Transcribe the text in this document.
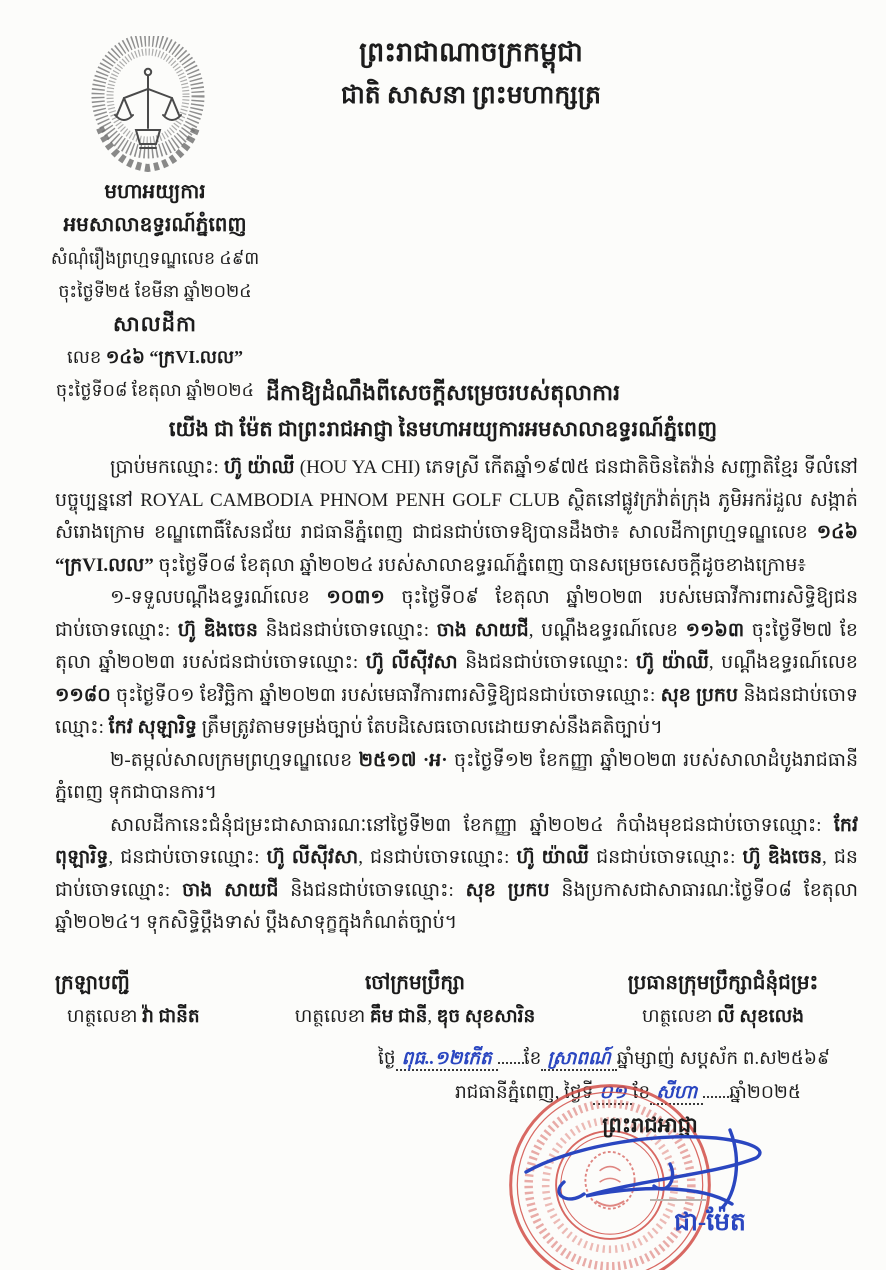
ព្រះរាជាណាចក្រកម្ពុជា
ជាតិ សាសនា ព្រះមហាក្សត្រ
មហាអយ្យការ
អមសាលាឧទ្ធរណ៍ភ្នំពេញ
សំណុំរឿងព្រហ្មទណ្ឌលេខ ៤៩៣
ចុះថ្ងៃទី២៥ ខែមីនា ឆ្នាំ២០២៤
សាលដីកា
លេខ ១៤៦ “ក្រVI.លល”
ចុះថ្ងៃទី០៨ ខែតុលា ឆ្នាំ២០២៤ ដីកាឱ្យដំណឹងពីសេចក្តីសម្រេចរបស់តុលាការ
យើង ជា ម៉ែត ជាព្រះរាជអាជ្ញា នៃមហាអយ្យការអមសាលាឧទ្ធរណ៍ភ្នំពេញ

ប្រាប់មកឈ្មោះ: ហ៊ូ យ៉ាឈី (HOU YA CHI) ភេទស្រី កើតឆ្នាំ១៩៧៥ ជនជាតិចិនតៃវ៉ាន់ សញ្ជាតិខ្មែរ ទីលំនៅបច្ចុប្បន្ននៅ ROYAL CAMBODIA PHNOM PENH GOLF CLUB ស្ថិតនៅផ្លូវក្រវ៉ាត់ក្រុង ភូមិអករ៉ដួល សង្កាត់សំរោងក្រោម ខណ្ឌពោធិ៍សែនជ័យ រាជធានីភ្នំពេញ ជាជនជាប់ចោទឱ្យបានដឹងថា៖ សាលដីកាព្រហ្មទណ្ឌលេខ ១៤៦ “ក្រVI.លល” ចុះថ្ងៃទី០៨ ខែតុលា ឆ្នាំ២០២៤ របស់សាលាឧទ្ធរណ៍ភ្នំពេញ បានសម្រេចសេចក្តីដូចខាងក្រោម៖

១-ទទួលបណ្តឹងឧទ្ធរណ៍លេខ ១០៣១ ចុះថ្ងៃទី០៩ ខែតុលា ឆ្នាំ២០២៣ របស់មេធាវីការពារសិទ្ធិឱ្យជនជាប់ចោទឈ្មោះ: ហ៊ូ ឌិងចេន និងជនជាប់ចោទឈ្មោះ: ចាង សាយជី, បណ្តឹងឧទ្ធរណ៍លេខ ១១៦៣ ចុះថ្ងៃទី២៧ ខែតុលា ឆ្នាំ២០២៣ របស់ជនជាប់ចោទឈ្មោះ: ហ៊ូ លីស៊ីវសា និងជនជាប់ចោទឈ្មោះ: ហ៊ូ យ៉ាឈី, បណ្តឹងឧទ្ធរណ៍លេខ ១១៨០ ចុះថ្ងៃទី០១ ខែវិច្ឆិកា ឆ្នាំ២០២៣ របស់មេធាវីការពារសិទ្ធិឱ្យជនជាប់ចោទឈ្មោះ: សុខ ប្រកប និងជនជាប់ចោទឈ្មោះ: កែវ សុឡារិទ្ធ ត្រឹមត្រូវតាមទម្រង់ច្បាប់ តែបដិសេធចោលដោយទាស់នឹងគតិច្បាប់។

២-តម្កល់សាលក្រមព្រហ្មទណ្ឌលេខ ២៥១៧ ·អ· ចុះថ្ងៃទី១២ ខែកញ្ញា ឆ្នាំ២០២៣ របស់សាលាដំបូងរាជធានីភ្នំពេញ ទុកជាបានការ។

សាលដីកានេះជំនុំជម្រះជាសាធារណៈនៅថ្ងៃទី២៣ ខែកញ្ញា ឆ្នាំ២០២៤ កំបាំងមុខជនជាប់ចោទឈ្មោះ: កែវ ពុឡារិទ្ធ, ជនជាប់ចោទឈ្មោះ: ហ៊ូ លីស៊ីវសា, ជនជាប់ចោទឈ្មោះ: ហ៊ូ យ៉ាឈី ជនជាប់ចោទឈ្មោះ: ហ៊ូ ឌិងចេន, ជនជាប់ចោទឈ្មោះ: ចាង សាយជី និងជនជាប់ចោទឈ្មោះ: សុខ ប្រកប និងប្រកាសជាសាធារណៈថ្ងៃទី០៨ ខែតុលា ឆ្នាំ២០២៤។ ទុកសិទ្ធិប្តឹងទាស់ ប្តឹងសាទុក្ខក្នុងកំណត់ច្បាប់។

ក្រឡាបញ្ជី
ហត្ថលេខា វ៉ា ជានីត
ចៅក្រមប្រឹក្សា
ហត្ថលេខា គឹម ជានី, ឌុច សុខសារិន
ប្រធានក្រុមប្រឹក្សាជំនុំជម្រះ
ហត្ថលេខា លី សុខលេង
ថ្ងៃ ពុធ..១២កើត ខែ ស្រាពណ៍ ឆ្នាំម្សាញ់ សប្តស័ក ព.ស២៥៦៩
រាជធានីភ្នំពេញ, ថ្ងៃទី ០១ ខែ សីហា ឆ្នាំ២០២៥
ព្រះរាជអាជ្ញា
ជា-ម៉ែត
